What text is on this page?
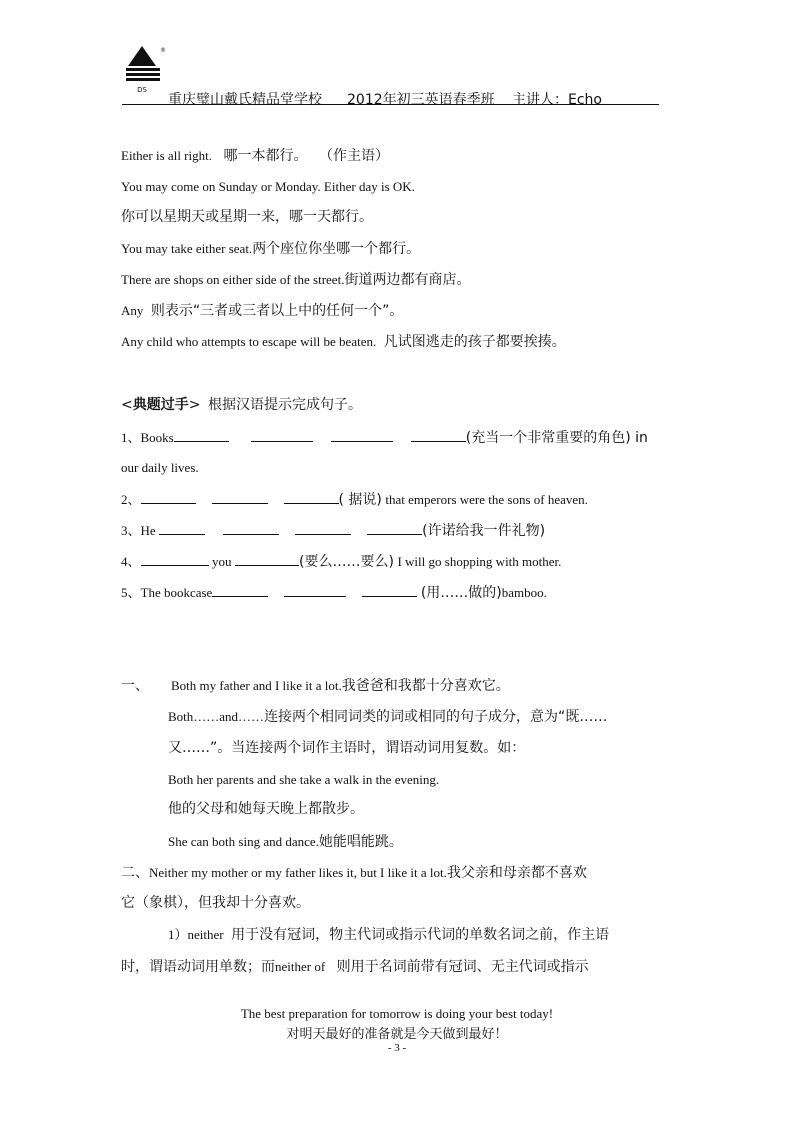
®
DS
重庆璧山戴氏精品堂学校 2012年初三英语春季班 主讲人：Echo
Either is all right. 哪一本都行。 （作主语）
You may come on Sunday or Monday. Either day is OK.
你可以星期天或星期一来，哪一天都行。
You may take either seat.两个座位你坐哪一个都行。
There are shops on either side of the street.街道两边都有商店。
Any 则表示“三者或三者以上中的任何一个”。
Any child who attempts to escape will be beaten. 凡试图逃走的孩子都要挨揍。
<典题过手> 根据汉语提示完成句子。
1、Books	(充当一个非常重要的角色) in
our daily lives.
2、	( 据说) that emperors were the sons of heaven.
3、He	(许诺给我一件礼物)
4、	you	(要么……要么) I will go shopping with mother.
5、The bookcase	(用……做的)bamboo.
一、 Both my father and I like it a lot.我爸爸和我都十分喜欢它。
Both……and……连接两个相同词类的词或相同的句子成分，意为“既……
又……”。当连接两个词作主语时，谓语动词用复数。如：
Both her parents and she take a walk in the evening.
他的父母和她每天晚上都散步。
She can both sing and dance.她能唱能跳。
二、Neither my mother or my father likes it, but I like it a lot.我父亲和母亲都不喜欢
它（象棋），但我却十分喜欢。
1）neither 用于没有冠词，物主代词或指示代词的单数名词之前，作主语
时，谓语动词用单数；而neither of 则用于名词前带有冠词、无主代词或指示
The best preparation for tomorrow is doing your best today!
对明天最好的准备就是今天做到最好！
- 3 -
